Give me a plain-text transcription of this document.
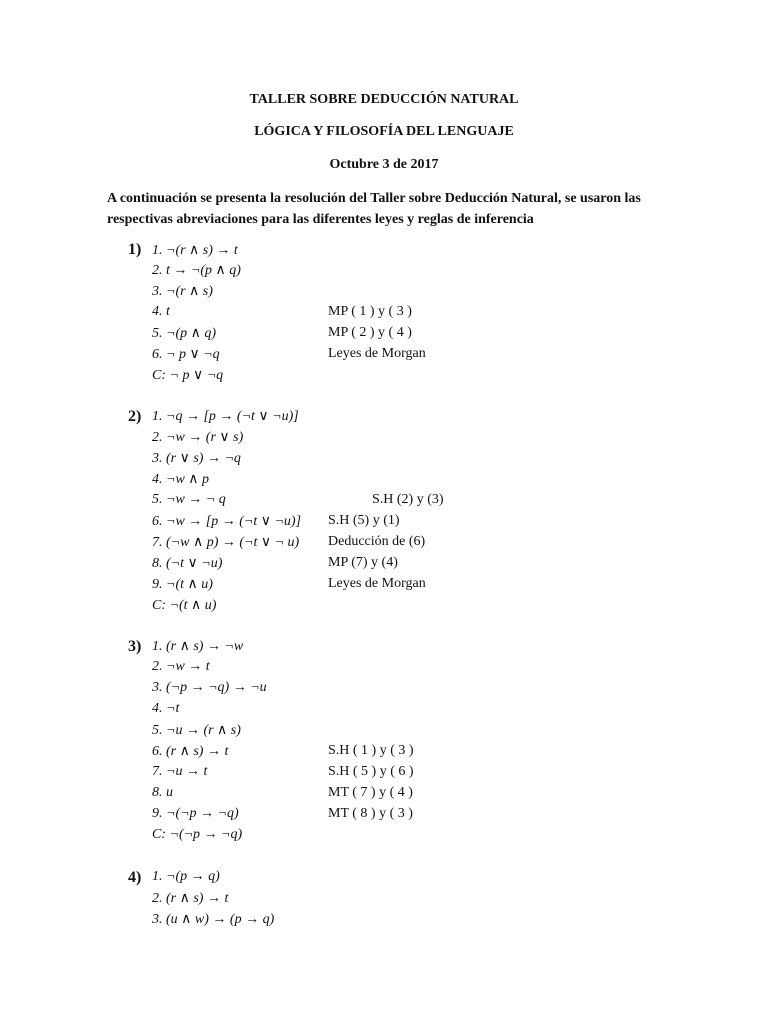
TALLER SOBRE DEDUCCIÓN NATURAL
LÓGICA Y FILOSOFÍA DEL LENGUAJE
Octubre 3 de 2017
A continuación se presenta la resolución del Taller sobre Deducción Natural, se usaron las
respectivas abreviaciones para las diferentes leyes y reglas de inferencia
1) 1. ¬(r ∧ s) → t
2. t → ¬(p ∧ q)
3. ¬(r ∧ s)
4. t	MP ( 1 ) y ( 3 )
5. ¬(p ∧ q)	MP ( 2 ) y ( 4 )
6. ¬ p ∨ ¬q	Leyes de Morgan
C: ¬ p ∨ ¬q
2) 1. ¬q → [p → (¬t ∨ ¬u)]
2. ¬w → (r ∨ s)
3. (r ∨ s) → ¬q
4. ¬w ∧ p
5. ¬w → ¬ q	S.H (2) y (3)
6. ¬w → [p → (¬t ∨ ¬u)] S.H (5) y (1)
7. (¬w ∧ p) → (¬t ∨ ¬ u) Deducción de (6)
8. (¬t ∨ ¬u)	MP (7) y (4)
9. ¬(t ∧ u)	Leyes de Morgan
C: ¬(t ∧ u)
3) 1. (r ∧ s) → ¬w
2. ¬w → t
3. (¬p → ¬q) → ¬u
4. ¬t
5. ¬u → (r ∧ s)
6. (r ∧ s) → t	S.H ( 1 ) y ( 3 )
7. ¬u → t	S.H ( 5 ) y ( 6 )
8. u	MT ( 7 ) y ( 4 )
9. ¬(¬p → ¬q)	MT ( 8 ) y ( 3 )
C: ¬(¬p → ¬q)
4) 1. ¬(p → q)
2. (r ∧ s) → t
3. (u ∧ w) → (p → q)
